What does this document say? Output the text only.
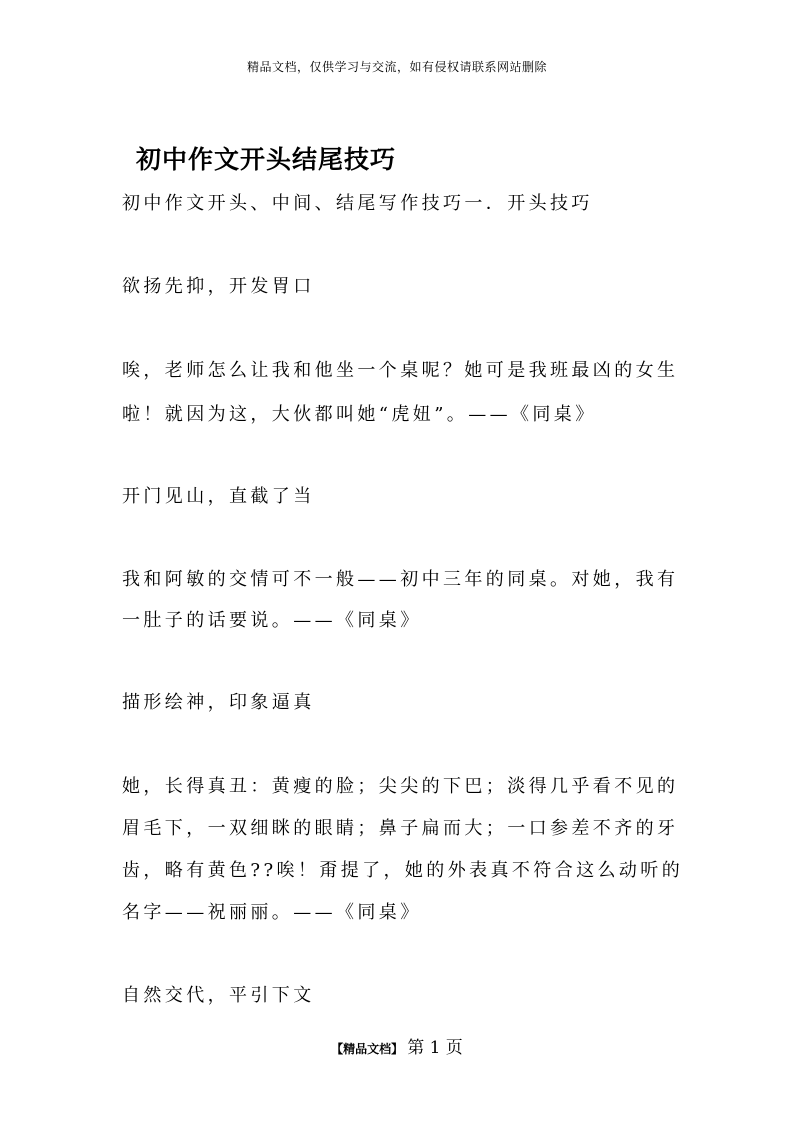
精品文档，仅供学习与交流，如有侵权请联系网站删除
初中作文开头结尾技巧
初中作文开头、中间、结尾写作技巧一．开头技巧
欲扬先抑，开发胃口
唉，老师怎么让我和他坐一个桌呢？她可是我班最凶的女生
啦！就因为这，大伙都叫她“虎妞”。——《同桌》
开门见山，直截了当
我和阿敏的交情可不一般——初中三年的同桌。对她，我有
一肚子的话要说。——《同桌》
描形绘神，印象逼真
她，长得真丑：黄瘦的脸；尖尖的下巴；淡得几乎看不见的
眉毛下，一双细眯的眼睛；鼻子扁而大；一口参差不齐的牙
齿，略有黄色??唉！甭提了，她的外表真不符合这么动听的
名字——祝丽丽。——《同桌》
自然交代，平引下文
【精品文档】 第 1 页
